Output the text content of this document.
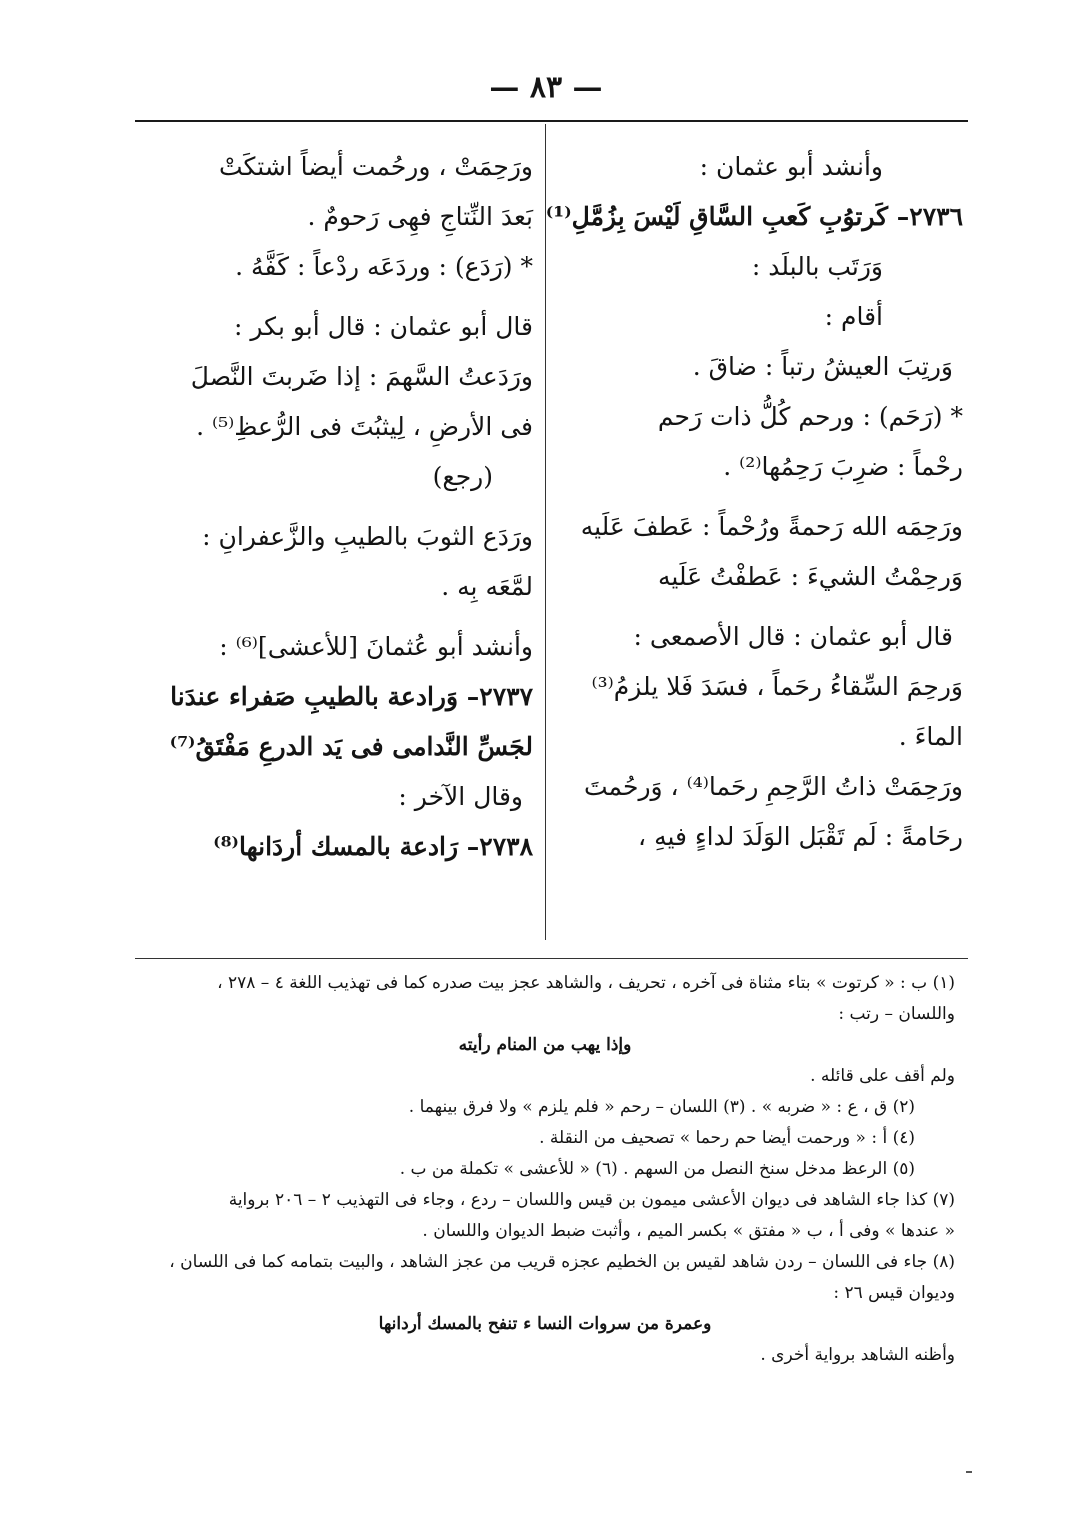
— ٨٣ —
وأنشد أبو عثمان :
٢٧٣٦– كَرتوُبِ كَعبِ السَّاقِ لَيْسَ بِزُمَّلِ⁽¹⁾
وَرَتَب بالبلَد :
أقام :
وَرتِبَ العيشُ رتباً : ضاقَ .
* (رَحَم) : ورحم كُلُّ ذات رَحم
رحْماً : ضرِبَ رَحِمُها⁽²⁾ .
ورَحِمَه الله رَحمةً ورُحْماً : عَطفَ عَلَيه
وَرحِمْتُ الشيءَ : عَطفْتُ عَلَيه
قال أبو عثمان : قال الأصمعى :
وَرحِمَ السِّقاءُ رحَماً ، فسَدَ فَلا يلزمُ⁽³⁾
الماءَ .
ورَحِمَتْ ذاتُ الرَّحِمِ رحَما⁽⁴⁾ ، وَرحُمتَ
رحَامةً : لَم تَقْبَل الوَلَدَ لداءٍ فيهِ ،
ورَحِمَتْ ، ورحُمت أيضاً اشتكَتْ
بَعدَ النِّتاجِ فهِى رَحومٌ .
* (رَدَع) : وردَعَه ردْعاً : كَفَّهُ .
قال أبو عثمان : قال أبو بكر :
ورَدَعتُ السَّهمَ : إذا ضَربتَ النَّصلَ
فى الأرضِ ، لِيثبُتَ فى الرُّعظِ⁽⁵⁾ .
(رجع)
ورَدَع الثوبَ بالطيبِ والزَّعفرانِ :
لمَّعَه بِه .
وأنشد أبو عُثمانَ [للأعشى]⁽⁶⁾ :
٢٧٣٧– وَرادعة بالطيبِ صَفراء عندَنا
لجَسِّ النَّدامى فى يَد الدرعِ مَفْتَقُ⁽⁷⁾
وقال الآخر :
٢٧٣٨– رَادعة بالمسك أردَانها⁽⁸⁾
(١) ب : « كرتوت » بتاء مثناة فى آخره ، تحريف ، والشاهد عجز بيت صدره كما فى تهذيب اللغة ٤ – ٢٧٨ ،
واللسان – رتب :
وإذا يهب من المنام رأيته
ولم أقف على قائله .
(٢) ق ، ع : « ضربه » . (٣) اللسان – رحم « فلم يلزم » ولا فرق بينهما .
(٤) أ : « ورحمت أيضا حم رحما » تصحيف من النقلة .
(٥) الرعظ مدخل سنخ النصل من السهم . (٦) « للأعشى » تكملة من ب .
(٧) كذا جاء الشاهد فى ديوان الأعشى ميمون بن قيس واللسان – ردع ، وجاء فى التهذيب ٢ – ٢٠٦ برواية
« عندها » وفى أ ، ب « مفتق » بكسر الميم ، وأثبت ضبط الديوان واللسان .
(٨) جاء فى اللسان – ردن شاهد لقيس بن الخطيم عجزه قريب من عجز الشاهد ، والبيت بتمامه كما فى اللسان ،
وديوان قيس ٢٦ :
وعمرة من سروات النسا ء تنفح بالمسك أردانها
وأظنه الشاهد برواية أخرى .
